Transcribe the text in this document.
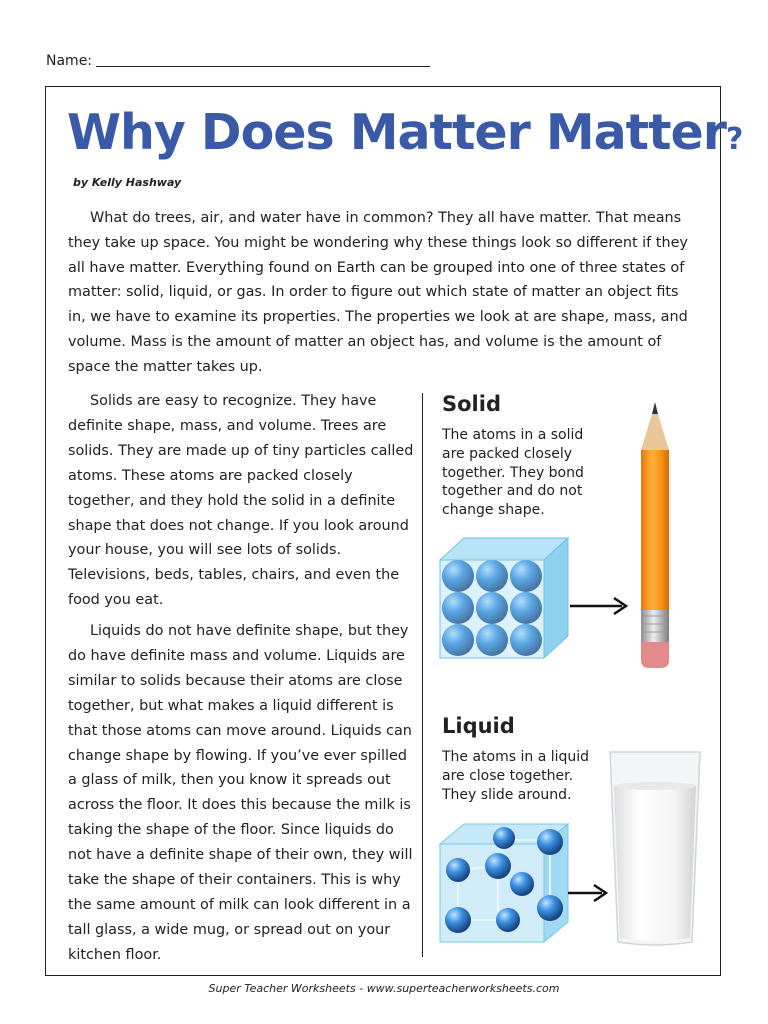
Name:
Why Does Matter Matter?
by Kelly Hashway

What do trees, air, and water have in common? They all have matter. That means they take up space. You might be wondering why these things look so different if they all have matter. Everything found on Earth can be grouped into one of three states of matter: solid, liquid, or gas. In order to figure out which state of matter an object fits in, we have to examine its properties. The properties we look at are shape, mass, and volume. Mass is the amount of matter an object has, and volume is the amount of space the matter takes up.

Solids are easy to recognize. They have definite shape, mass, and volume. Trees are solids. They are made up of tiny particles called atoms. These atoms are packed closely together, and they hold the solid in a definite shape that does not change. If you look around your house, you will see lots of solids. Televisions, beds, tables, chairs, and even the food you eat.

Liquids do not have definite shape, but they do have definite mass and volume. Liquids are similar to solids because their atoms are close together, but what makes a liquid different is that those atoms can move around. Liquids can change shape by flowing. If you’ve ever spilled a glass of milk, then you know it spreads out across the floor. It does this because the milk is taking the shape of the floor. Since liquids do not have a definite shape of their own, they will take the shape of their containers. This is why the same amount of milk can look different in a tall glass, a wide mug, or spread out on your kitchen floor.

Solid

The atoms in a solid are packed closely together. They bond together and do not change shape.

Liquid

The atoms in a liquid are close together. They slide around.

Super Teacher Worksheets - www.superteacherworksheets.com
